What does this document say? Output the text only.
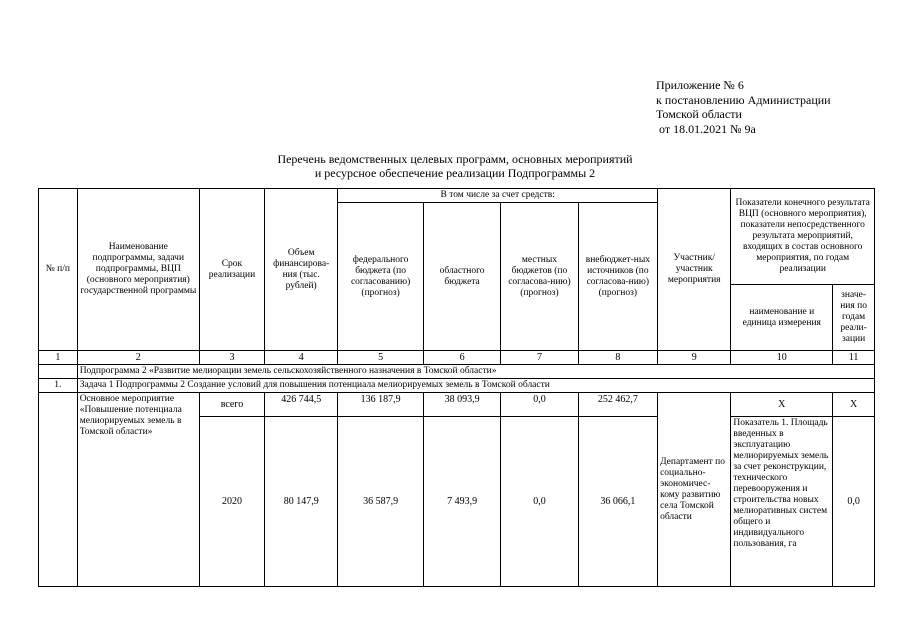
Приложение № 6
к постановлению Администрации
Томской области
от 18.01.2021 № 9а
Перечень ведомственных целевых программ, основных мероприятий
и ресурсное обеспечение реализации Подпрограммы 2
№ п/п	Наименование подпрограммы, задачи подпрограммы, ВЦП (основного мероприятия) государственной программы	Срок реализации	Объем финансирова-ния (тыс. рублей)	В том числе за счет средств:				Участник/ участник мероприятия	Показатели конечного результата ВЦП (основного мероприятия), показатели непосредственного результата мероприятий, входящих в состав основного мероприятия, по годам реализации	
				федерального бюджета (по согласованию) (прогноз)	областного бюджета	местных бюджетов (по согласова-нию) (прогноз)	внебюджет-ных источников (по согласова-нию) (прогноз)			
									наименование и единица измерения	значе-ния по годам реали-зации
1	2	3	4	5	6	7	8	9	10	11
	Подпрограмма 2 «Развитие мелиорации земель сельскохозяйственного назначения в Томской области»									
1.	Задача 1 Подпрограммы 2 Создание условий для повышения потенциала мелиорируемых земель в Томской области									
	Основное мероприятие «Повышение потенциала мелиорируемых земель в Томской области»	всего	426 744,5	136 187,9	38 093,9	0,0	252 462,7	Департамент по социально-экономичес-кому развитию села Томской области	Х	Х
		2020	80 147,9	36 587,9	7 493,9	0,0	36 066,1		Показатель 1. Площадь введенных в эксплуатацию мелиорируемых земель за счет реконструкции, технического перевооружения и строительства новых мелиоративных систем общего и индивидуального пользования, га	0,0
